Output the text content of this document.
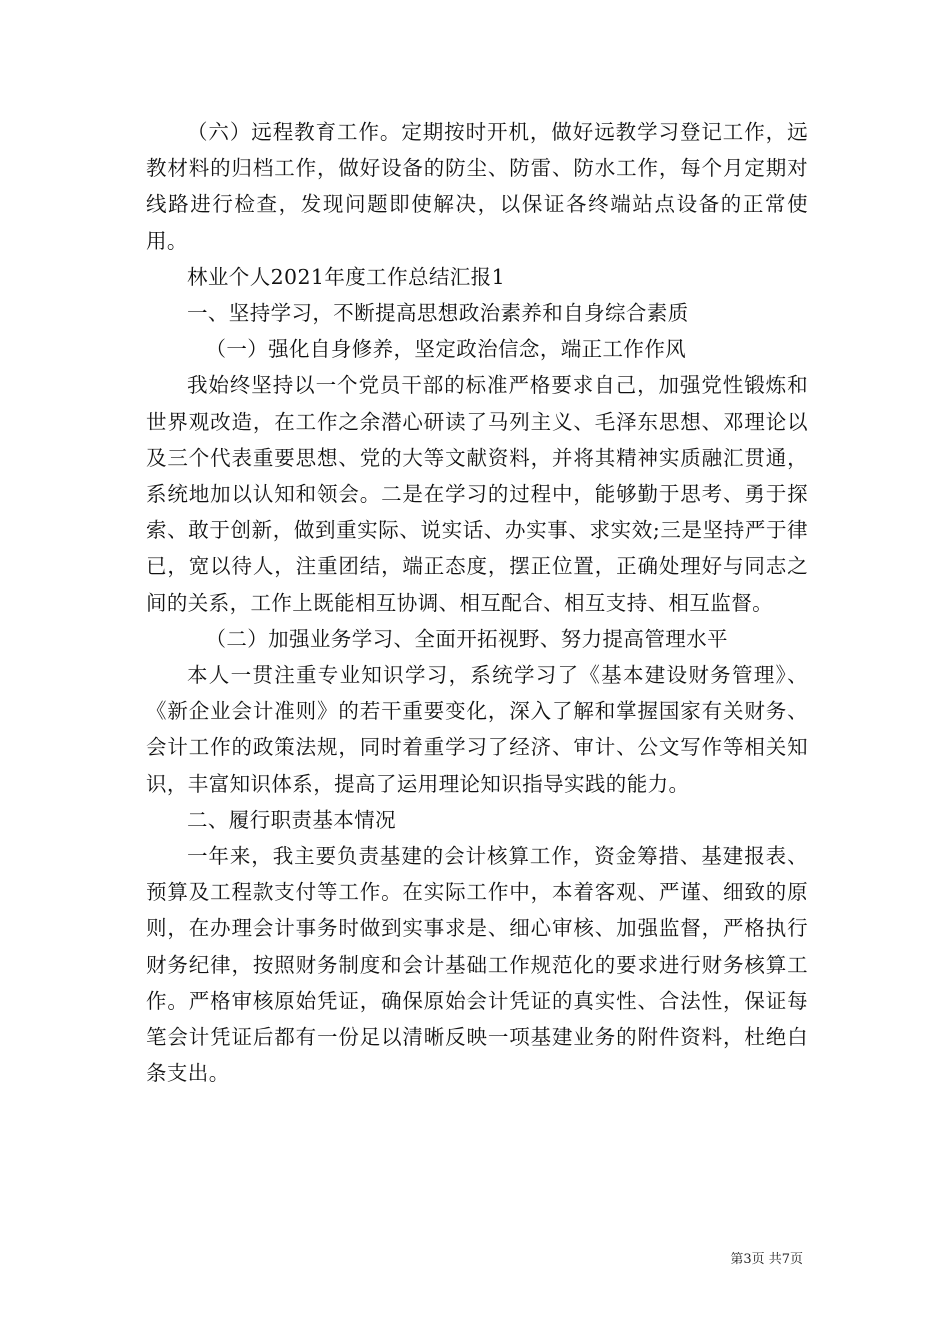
（六）远程教育工作。定期按时开机，做好远教学习登记工作，远教材料的归档工作，做好设备的防尘、防雷、防水工作，每个月定期对线路进行检查，发现问题即使解决，以保证各终端站点设备的正常使用。

林业个人2021年度工作总结汇报1

一、坚持学习，不断提高思想政治素养和自身综合素质

（一）强化自身修养，坚定政治信念，端正工作作风

我始终坚持以一个党员干部的标准严格要求自己，加强党性锻炼和世界观改造，在工作之余潜心研读了马列主义、毛泽东思想、邓理论以及三个代表重要思想、党的大等文献资料，并将其精神实质融汇贯通，系统地加以认知和领会。二是在学习的过程中，能够勤于思考、勇于探索、敢于创新，做到重实际、说实话、办实事、求实效;三是坚持严于律已，宽以待人，注重团结，端正态度，摆正位置，正确处理好与同志之间的关系，工作上既能相互协调、相互配合、相互支持、相互监督。

（二）加强业务学习、全面开拓视野、努力提高管理水平

本人一贯注重专业知识学习，系统学习了《基本建设财务管理》、《新企业会计准则》的若干重要变化，深入了解和掌握国家有关财务、会计工作的政策法规，同时着重学习了经济、审计、公文写作等相关知识，丰富知识体系，提高了运用理论知识指导实践的能力。

二、履行职责基本情况

一年来，我主要负责基建的会计核算工作，资金筹措、基建报表、预算及工程款支付等工作。在实际工作中，本着客观、严谨、细致的原则，在办理会计事务时做到实事求是、细心审核、加强监督，严格执行财务纪律，按照财务制度和会计基础工作规范化的要求进行财务核算工作。严格审核原始凭证，确保原始会计凭证的真实性、合法性，保证每笔会计凭证后都有一份足以清晰反映一项基建业务的附件资料，杜绝白条支出。

第3页 共7页
